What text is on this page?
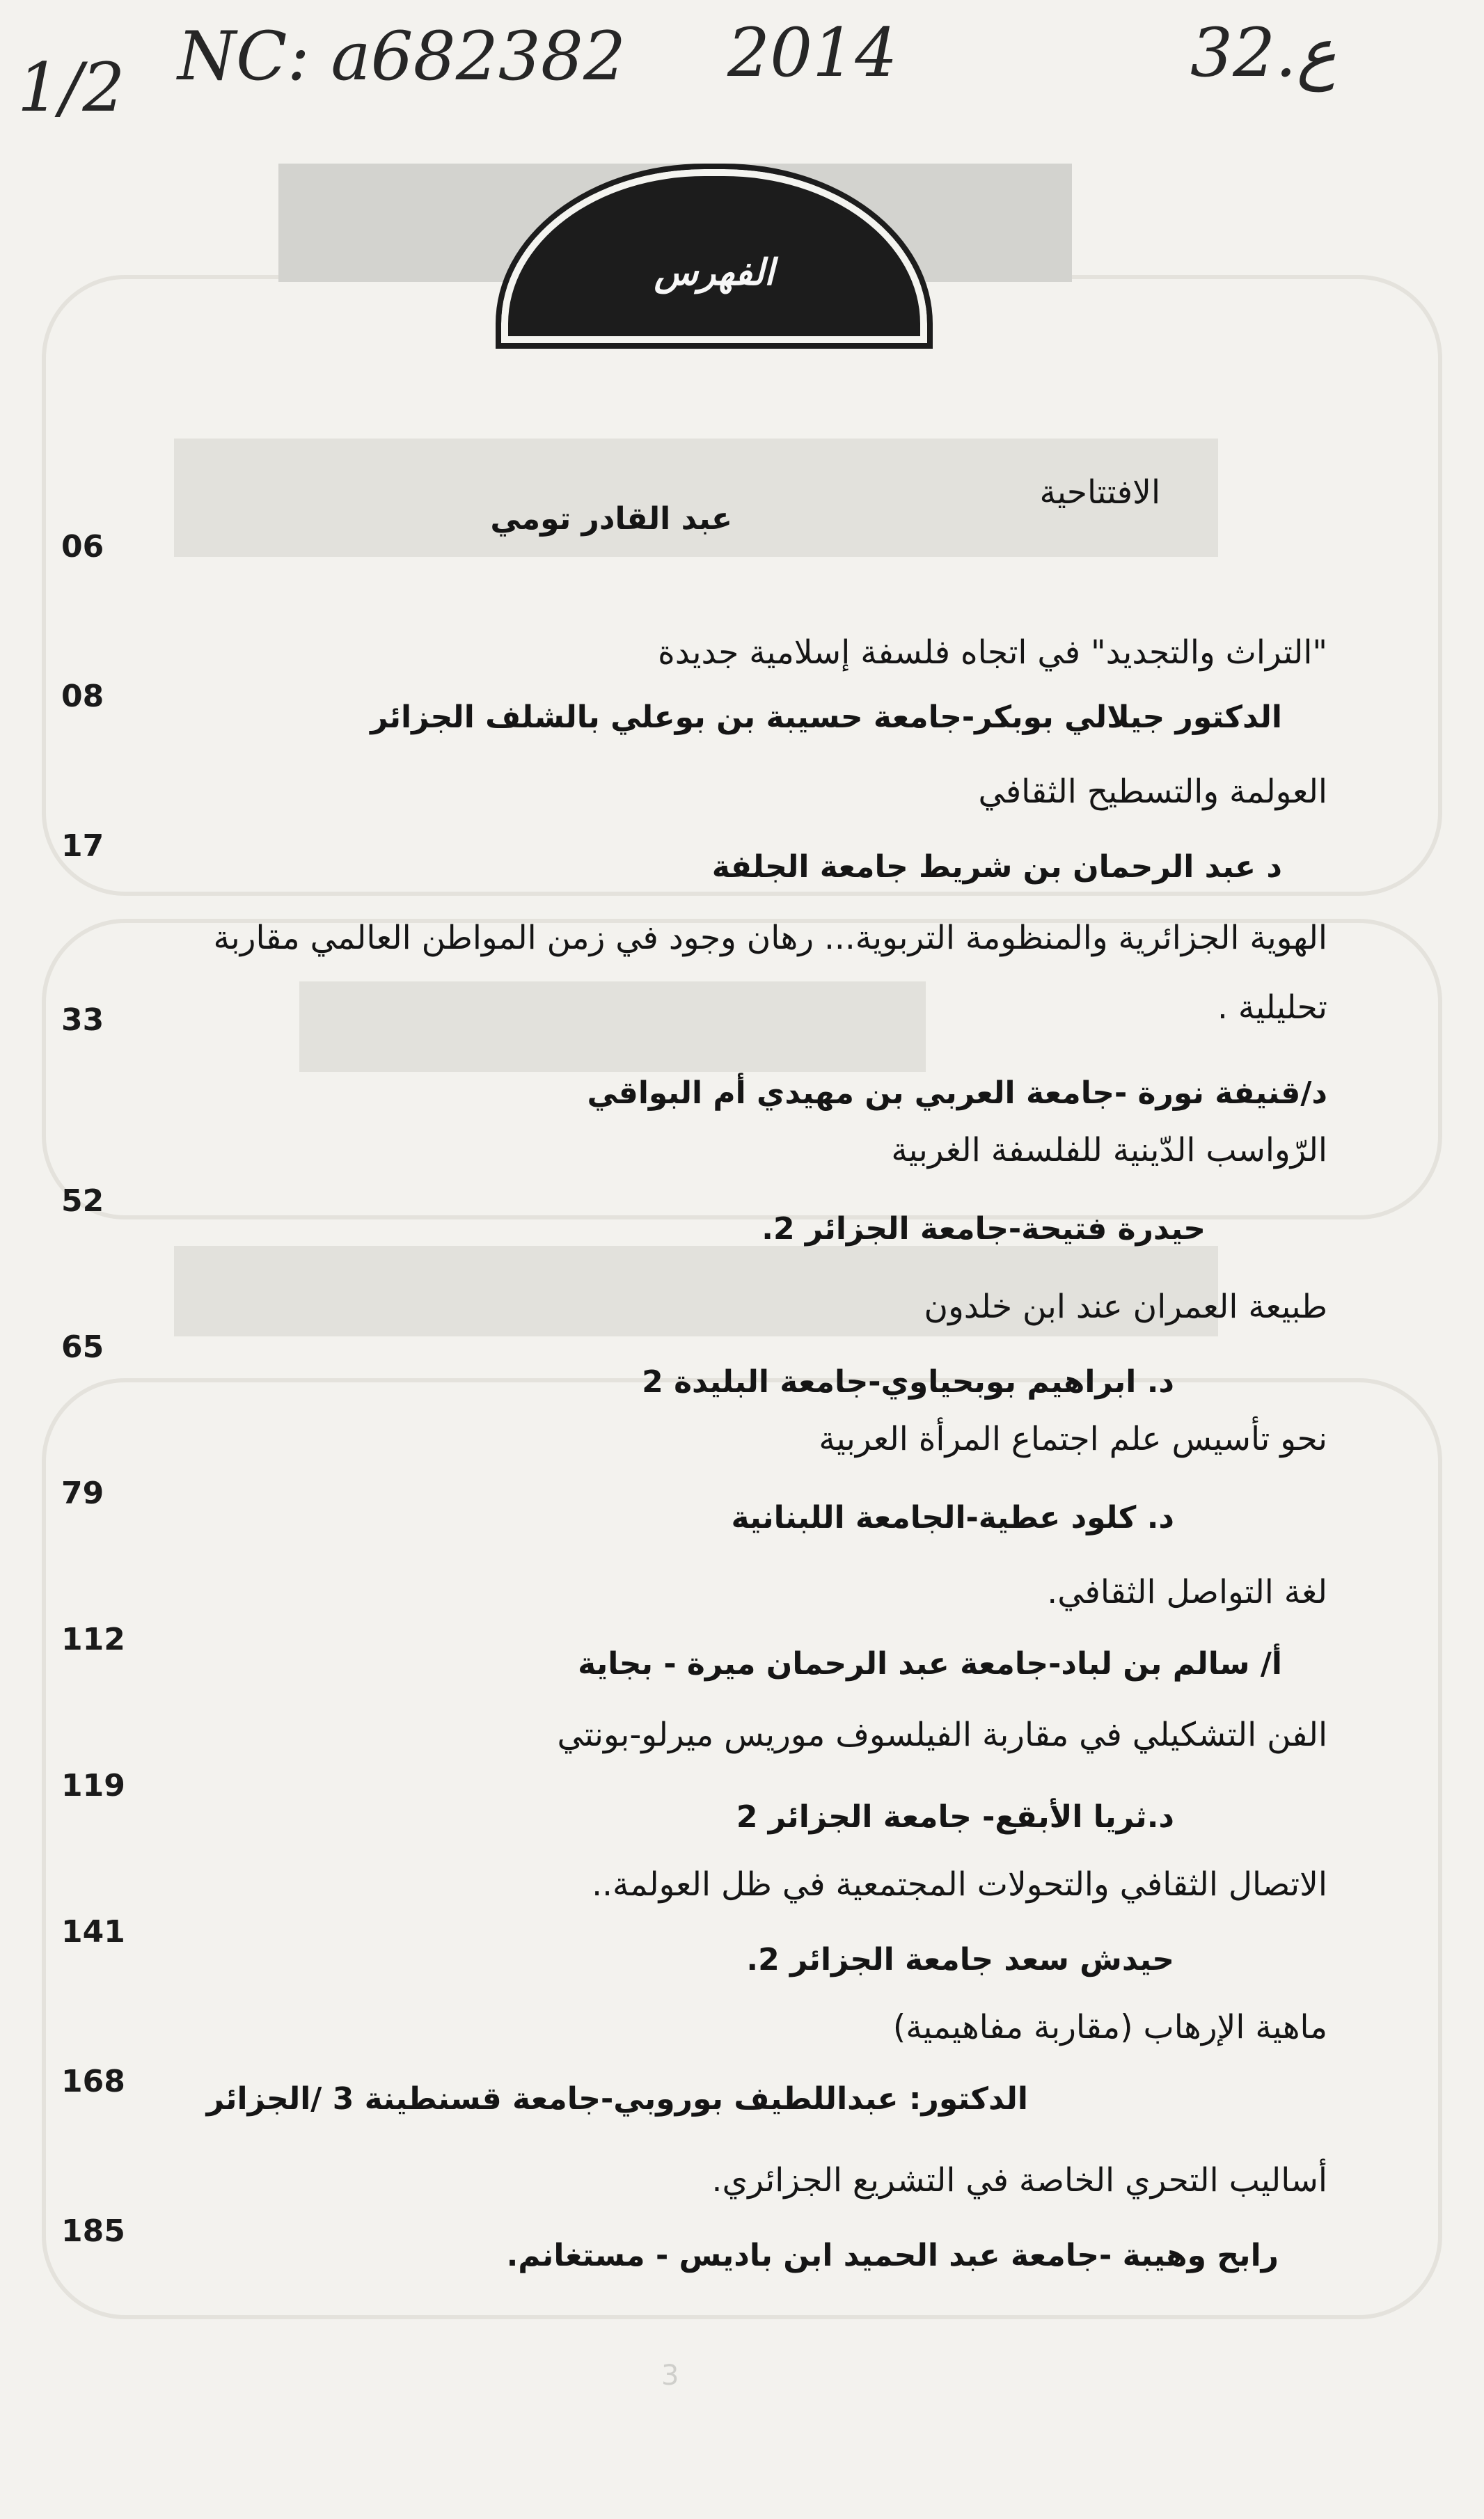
1/2 NC: a682382 2014	32.ع
الفهرس
الافتتاحية
عبد القادر تومي
06
"التراث والتجديد" في اتجاه فلسفة إسلامية جديدة
الدكتور جيلالي بوبكر-جامعة حسيبة بن بوعلي بالشلف الجزائر
08
العولمة والتسطيح الثقافي
د عبد الرحمان بن شريط جامعة الجلفة
17
الهوية الجزائرية والمنظومة التربوية... رهان وجود في زمن المواطن العالمي مقاربة
تحليلية .
د/قنيفة نورة -جامعة العربي بن مهيدي أم البواقي
33
الرّواسب الدّينية للفلسفة الغربية
حيدرة فتيحة-جامعة الجزائر 2.
52
طبيعة العمران عند ابن خلدون
د. ابراهيم بوبحياوي-جامعة البليدة 2
65
نحو تأسيس علم اجتماع المرأة العربية
د. كلود عطية-الجامعة اللبنانية
79
لغة التواصل الثقافي.
أ/ سالم بن لباد-جامعة عبد الرحمان ميرة - بجاية
112
الفن التشكيلي في مقاربة الفيلسوف موريس ميرلو-بونتي
د.ثريا الأبقع- جامعة الجزائر 2
119
الاتصال الثقافي والتحولات المجتمعية في ظل العولمة..
حيدش سعد جامعة الجزائر 2.
141
ماهية الإرهاب (مقاربة مفاهيمية)
الدكتور: عبداللطيف بوروبي-جامعة قسنطينة 3 /الجزائر
168
أساليب التحري الخاصة في التشريع الجزائري.
رابح وهيبة -جامعة عبد الحميد ابن باديس - مستغانم.
185
3
